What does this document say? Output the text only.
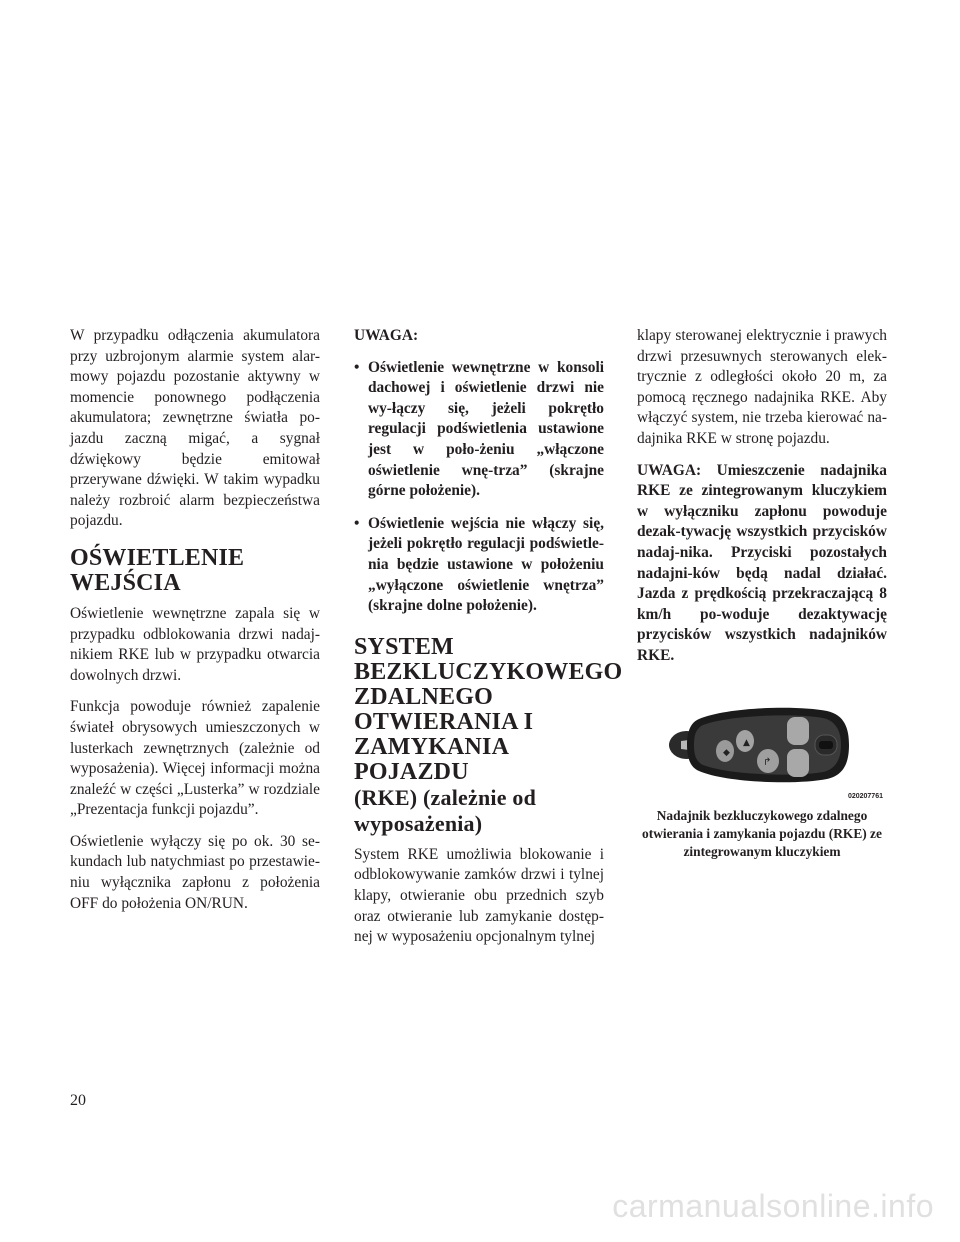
W przypadku odłączenia akumulatora przy uzbrojonym alarmie system alar-mowy pojazdu pozostanie aktywny w momencie ponownego podłączenia akumulatora; zewnętrzne światła po-jazdu zaczną migać, a sygnał dźwiękowy będzie emitował przerywane dźwięki. W takim wypadku należy rozbroić alarm bezpieczeństwa pojazdu.

OŚWIETLENIE
WEJŚCIA

Oświetlenie wewnętrzne zapala się w przypadku odblokowania drzwi nadaj-nikiem RKE lub w przypadku otwarcia dowolnych drzwi.

Funkcja powoduje również zapalenie świateł obrysowych umieszczonych w lusterkach zewnętrznych (zależnie od wyposażenia). Więcej informacji można znaleźć w części „Lusterka” w rozdziale „Prezentacja funkcji pojazdu”.

Oświetlenie wyłączy się po ok. 30 se-kundach lub natychmiast po przestawie-niu wyłącznika zapłonu z położenia OFF do położenia ON/RUN.

UWAGA:

• Oświetlenie wewnętrzne w konsoli dachowej i oświetlenie drzwi nie wy-łączy się, jeżeli pokrętło regulacji podświetlenia ustawione jest w poło-żeniu „włączone oświetlenie wnę-trza” (skrajne górne położenie).
• Oświetlenie wejścia nie włączy się, jeżeli pokrętło regulacji podświetle-nia będzie ustawione w położeniu „wyłączone oświetlenie wnętrza” (skrajne dolne położenie).
SYSTEM
BEZKLUCZYKOWEGO
ZDALNEGO
OTWIERANIA I
ZAMYKANIA POJAZDU
(RKE) (zależnie od
wyposażenia)

System RKE umożliwia blokowanie i odblokowywanie zamków drzwi i tylnej klapy, otwieranie obu przednich szyb oraz otwieranie lub zamykanie dostęp-nej w wyposażeniu opcjonalnym tylnej

klapy sterowanej elektrycznie i prawych drzwi przesuwnych sterowanych elek-trycznie z odległości około 20 m, za pomocą ręcznego nadajnika RKE. Aby włączyć system, nie trzeba kierować na-dajnika RKE w stronę pojazdu.

UWAGA: Umieszczenie nadajnika RKE ze zintegrowanym kluczykiem w wyłączniku zapłonu powoduje dezak-tywację wszystkich przycisków nadaj-nika. Przyciski pozostałych nadajni-ków będą nadal działać. Jazda z prędkością przekraczającą 8 km/h po-woduje dezaktywację przycisków wszystkich nadajników RKE.

◆
▲
↱
020207761
Nadajnik bezkluczykowego zdalnego otwierania i zamykania pojazdu (RKE) ze zintegrowanym kluczykiem
20
carmanualsonline.info
